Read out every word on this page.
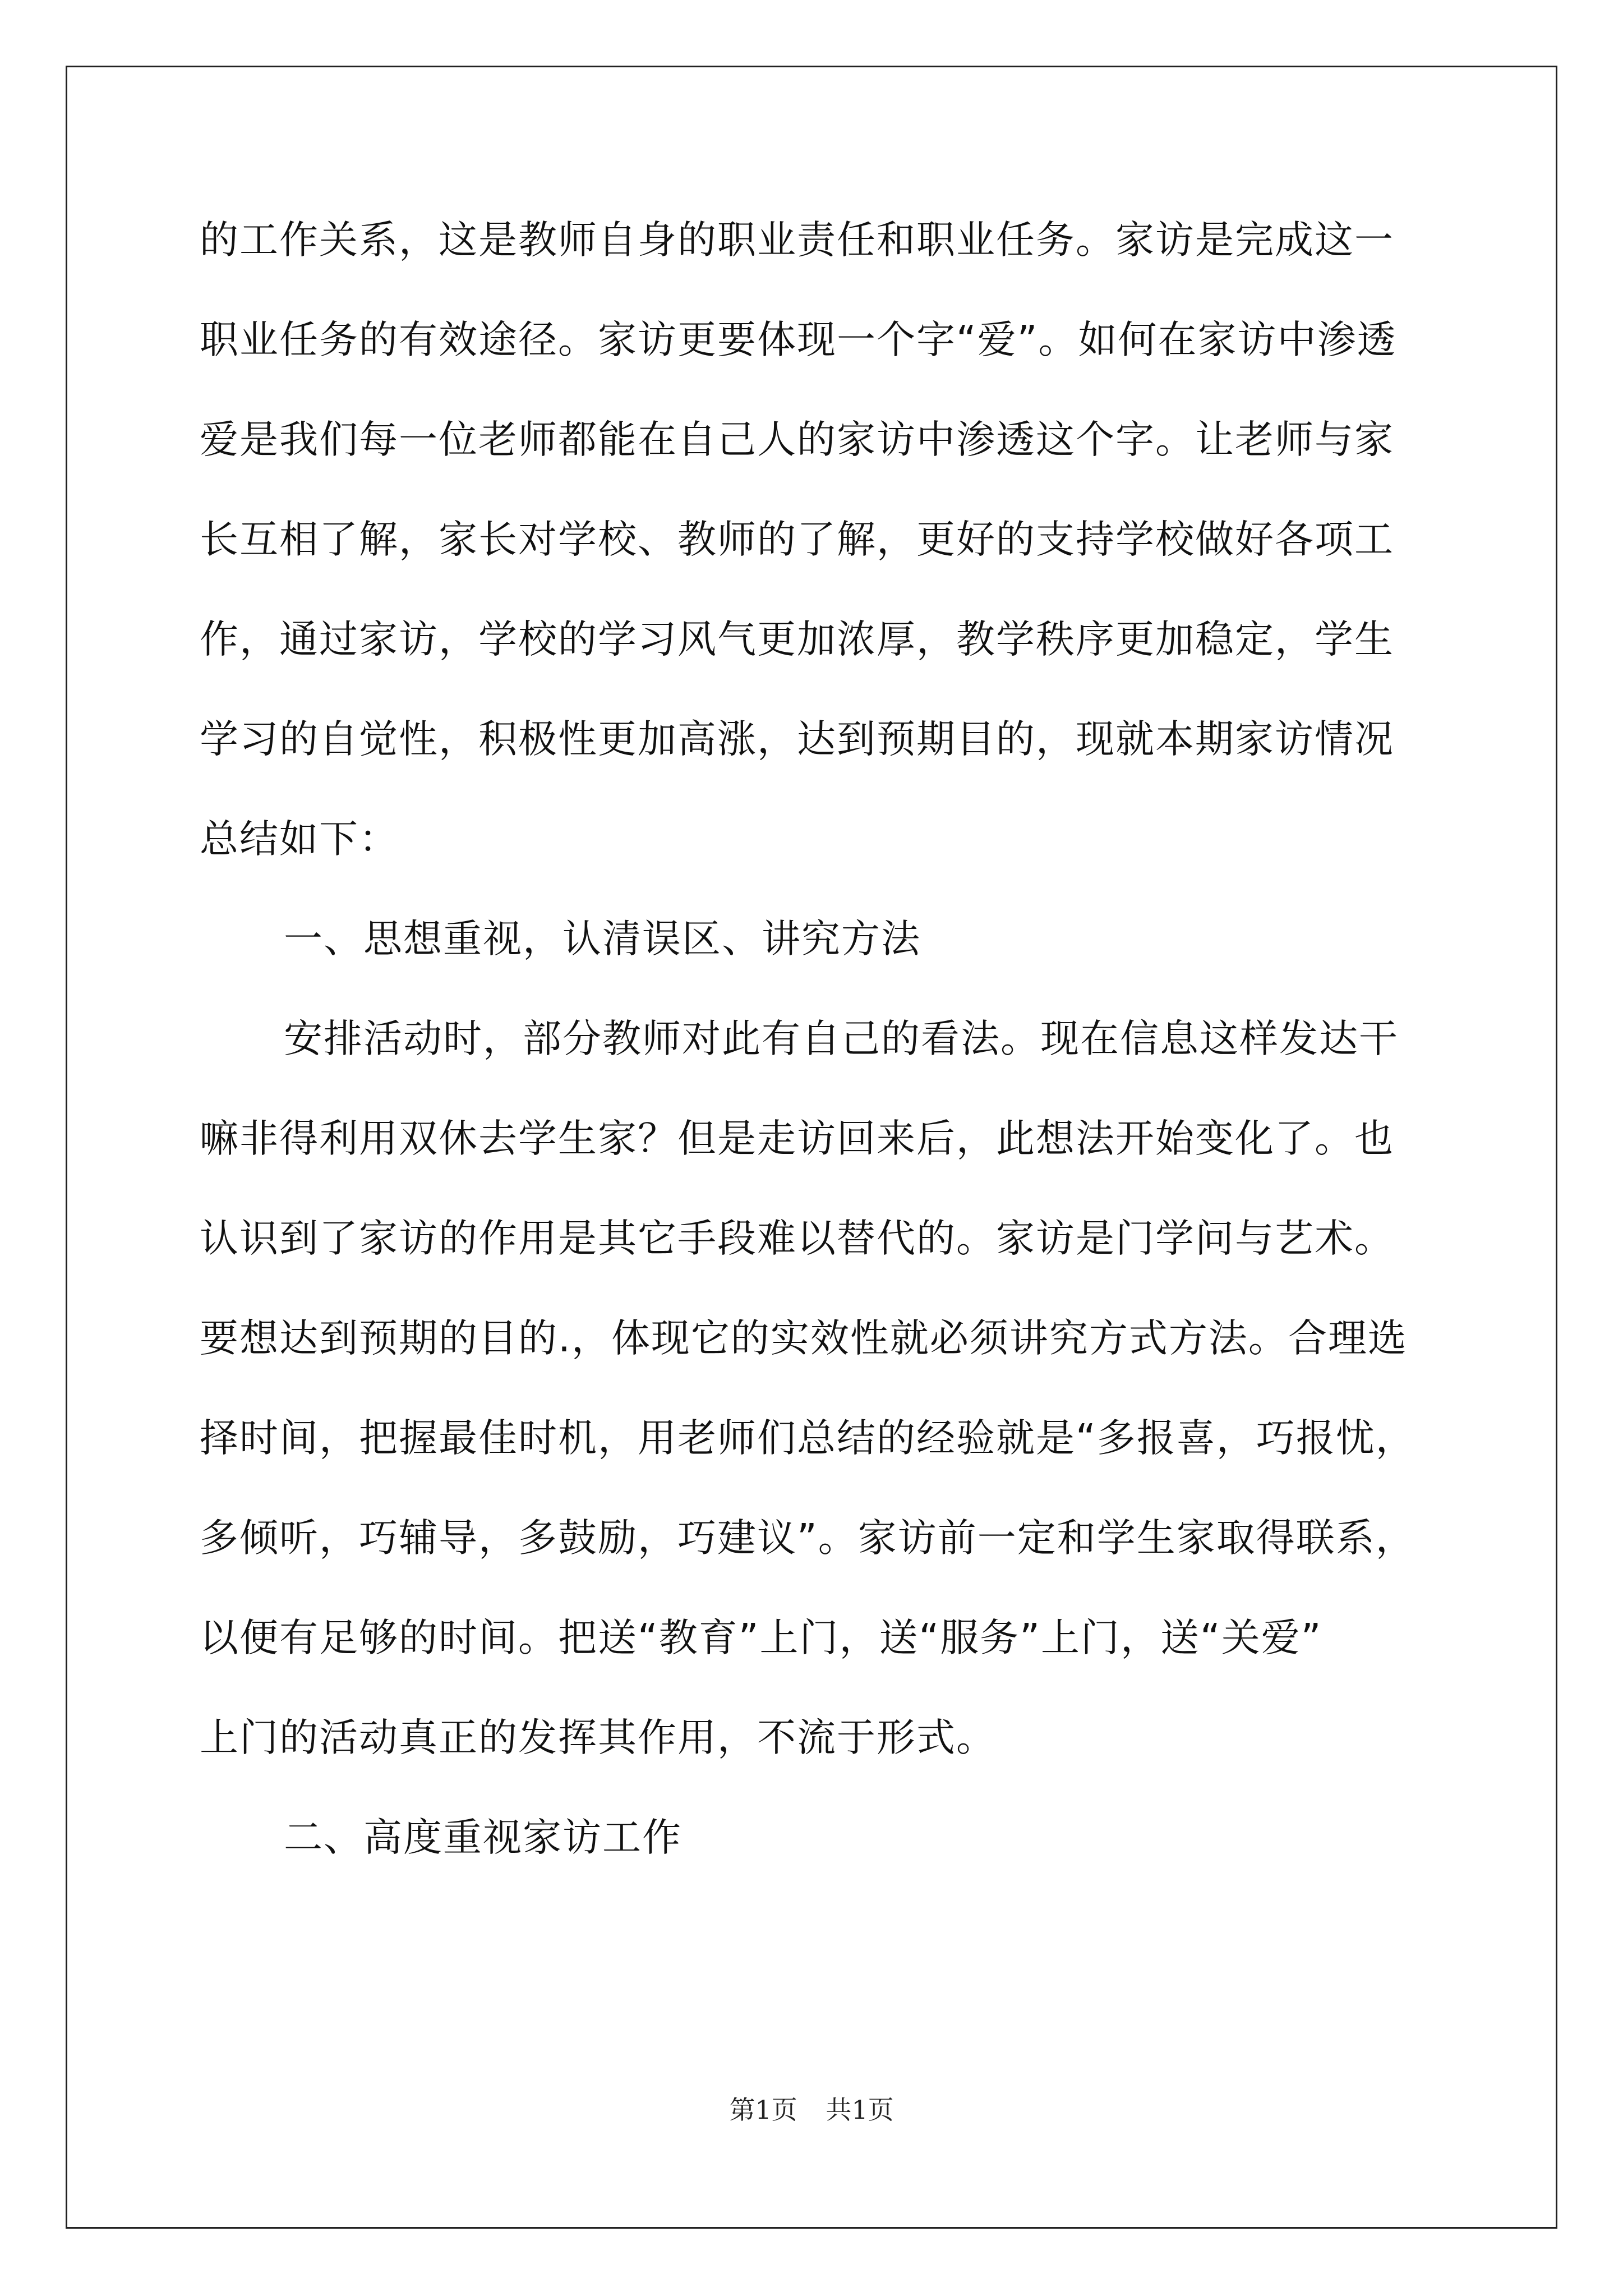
的工作关系，这是教师自身的职业责任和职业任务。家访是完成这一
职业任务的有效途径。家访更要体现一个字“爱”。如何在家访中渗透
爱是我们每一位老师都能在自己人的家访中渗透这个字。让老师与家
长互相了解，家长对学校、教师的了解，更好的支持学校做好各项工
作，通过家访，学校的学习风气更加浓厚，教学秩序更加稳定，学生
学习的自觉性，积极性更加高涨，达到预期目的，现就本期家访情况
总结如下：
一、思想重视，认清误区、讲究方法
安排活动时，部分教师对此有自己的看法。现在信息这样发达干
嘛非得利用双休去学生家？但是走访回来后，此想法开始变化了。也
认识到了家访的作用是其它手段难以替代的。家访是门学问与艺术。
要想达到预期的目的.，体现它的实效性就必须讲究方式方法。合理选
择时间，把握最佳时机，用老师们总结的经验就是“多报喜，巧报忧，
多倾听，巧辅导，多鼓励，巧建议”。家访前一定和学生家取得联系，
以便有足够的时间。把送“教育”上门，送“服务”上门，送“关爱”
上门的活动真正的发挥其作用，不流于形式。
二、高度重视家访工作
第1页 共1页
